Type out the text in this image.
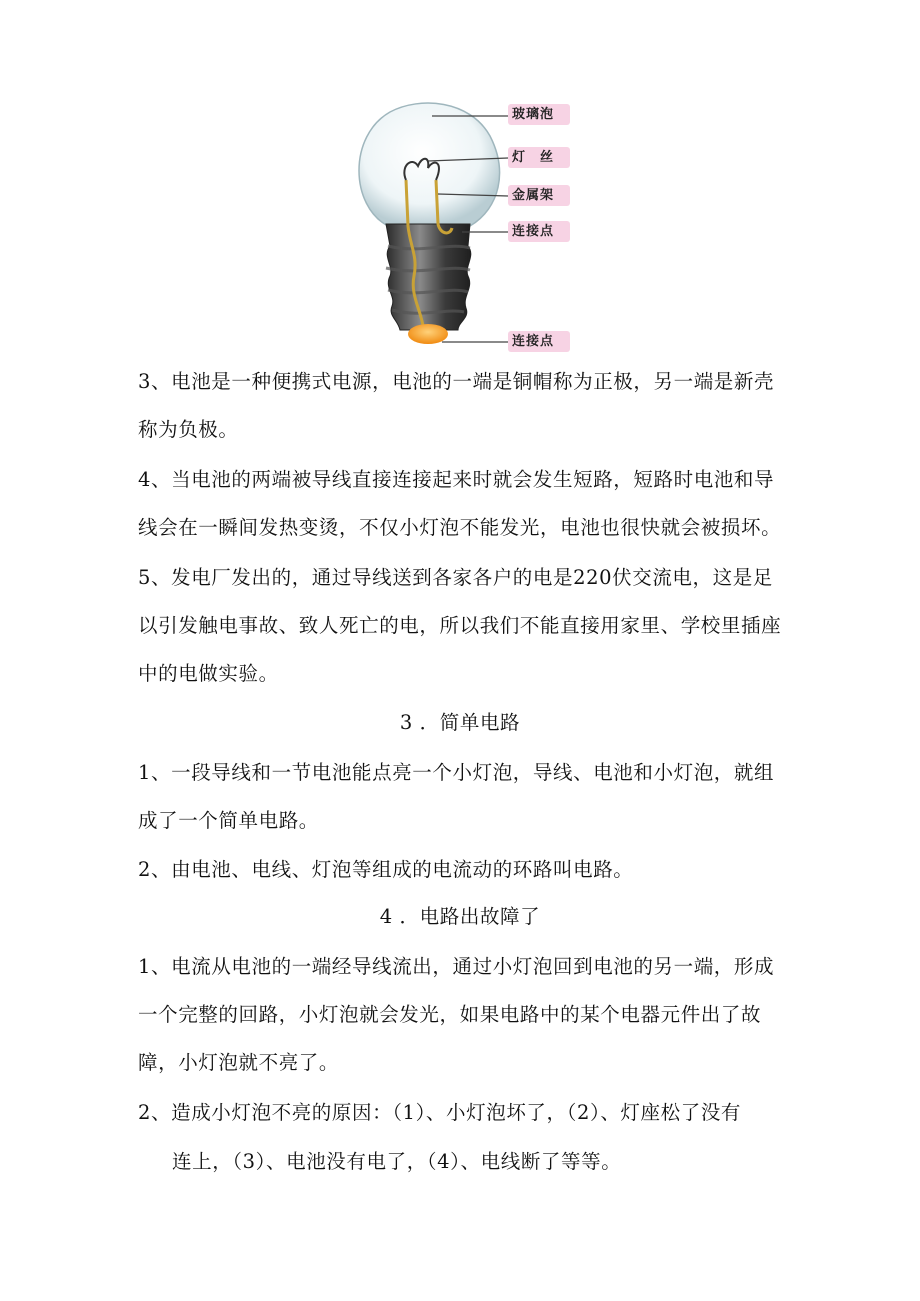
玻璃泡
灯　丝
金属架
连接点
连接点
3、电池是一种便携式电源，电池的一端是铜帽称为正极，另一端是新壳
称为负极。
4、当电池的两端被导线直接连接起来时就会发生短路，短路时电池和导
线会在一瞬间发热变烫，不仅小灯泡不能发光，电池也很快就会被损坏。
5、发电厂发出的，通过导线送到各家各户的电是220伏交流电，这是足
以引发触电事故、致人死亡的电，所以我们不能直接用家里、学校里插座
中的电做实验。
3 ．简单电路
1、一段导线和一节电池能点亮一个小灯泡，导线、电池和小灯泡，就组
成了一个简单电路。
2、由电池、电线、灯泡等组成的电流动的环路叫电路。
4 ．电路出故障了
1、电流从电池的一端经导线流出，通过小灯泡回到电池的另一端，形成
一个完整的回路，小灯泡就会发光，如果电路中的某个电器元件出了故
障，小灯泡就不亮了。
2、造成小灯泡不亮的原因：（1）、小灯泡坏了，（2）、灯座松了没有
连上，（3）、电池没有电了，（4）、电线断了等等。
